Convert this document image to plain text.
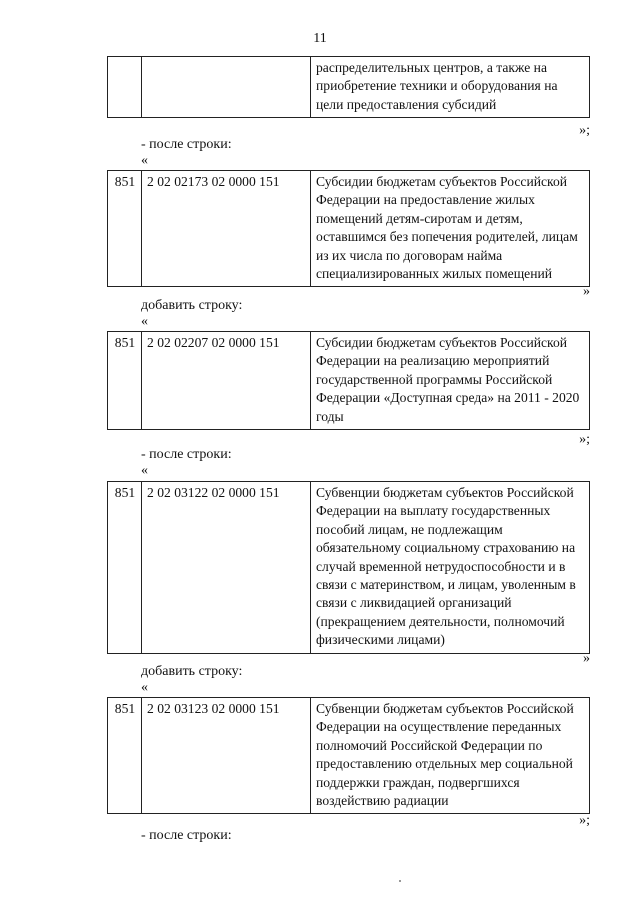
11
		распределительных центров, а также на приобретение техники и оборудования на цели предоставления субсидий
»;
- после строки:
«
851	2 02 02173 02 0000 151	Субсидии бюджетам субъектов Российской Федерации на предоставление жилых помещений детям-сиротам и детям, оставшимся без попечения родителей, лицам из их числа по договорам найма специализированных жилых помещений
»
добавить строку:
«
851	2 02 02207 02 0000 151	Субсидии бюджетам субъектов Российской Федерации на реализацию мероприятий государственной программы Российской Федерации «Доступная среда» на 2011 - 2020 годы
»;
- после строки:
«
851	2 02 03122 02 0000 151	Субвенции бюджетам субъектов Российской Федерации на выплату государственных пособий лицам, не подлежащим обязательному социальному страхованию на случай временной нетрудоспособности и в связи с материнством, и лицам, уволенным в связи с ликвидацией организаций (прекращением деятельности, полномочий физическими лицами)
»
добавить строку:
«
851	2 02 03123 02 0000 151	Субвенции бюджетам субъектов Российской Федерации на осуществление переданных полномочий Российской Федерации по предоставлению отдельных мер социальной поддержки граждан, подвергшихся воздействию радиации
»;
- после строки:
